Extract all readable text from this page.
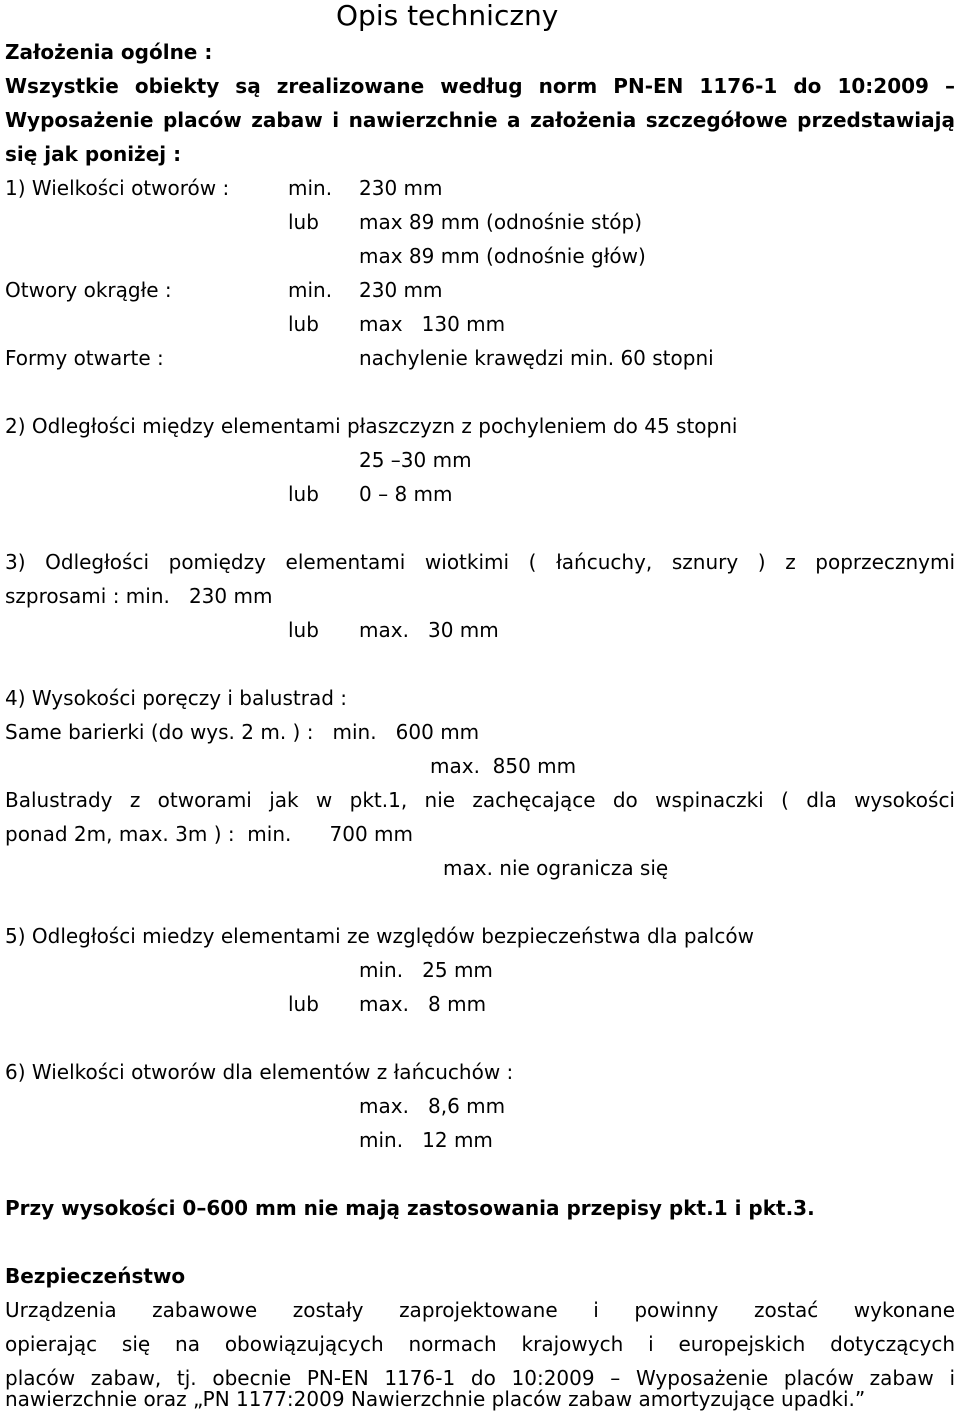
Opis techniczny
Założenia ogólne :
Wszystkie obiekty są zrealizowane według norm PN-EN 1176-1 do 10:2009 –
Wyposażenie placów zabaw i nawierzchnie a założenia szczegółowe przedstawiają
się jak poniżej :
1) Wielkości otworów :	min. 230 mm
lub max 89 mm (odnośnie stóp)
max 89 mm (odnośnie głów)
Otwory okrągłe :	min. 230 mm
lub max   130 mm
Formy otwarte :	nachylenie krawędzi min. 60 stopni
2) Odległości między elementami płaszczyzn z pochyleniem do 45 stopni
25 –30 mm
lub 0 – 8 mm
3) Odległości pomiędzy elementami wiotkimi ( łańcuchy, sznury ) z poprzecznymi
szprosami : min.   230 mm
lub max.   30 mm
4) Wysokości poręczy i balustrad :
Same barierki (do wys. 2 m. ) :   min.   600 mm
max.  850 mm
Balustrady z otworami jak w pkt.1, nie zachęcające do wspinaczki ( dla wysokości
ponad 2m, max. 3m ) :  min.      700 mm
max. nie ogranicza się
5) Odległości miedzy elementami ze względów bezpieczeństwa dla palców
min.   25 mm
lub max.   8 mm
6) Wielkości otworów dla elementów z łańcuchów :
max.   8,6 mm
min.   12 mm
Przy wysokości 0–600 mm nie mają zastosowania przepisy pkt.1 i pkt.3.
Bezpieczeństwo
Urządzenia zabawowe zostały zaprojektowane i powinny zostać wykonane
opierając się na obowiązujących normach krajowych i europejskich dotyczących
placów zabaw, tj. obecnie PN-EN 1176-1 do 10:2009 – Wyposażenie placów zabaw i
nawierzchnie oraz „PN 1177:2009 Nawierzchnie placów zabaw amortyzujące upadki.”
